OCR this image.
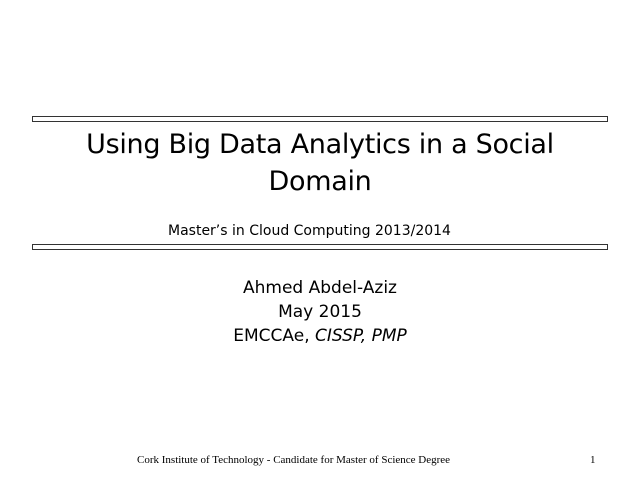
Using Big Data Analytics in a Social
Domain
Master’s in Cloud Computing 2013/2014
Ahmed Abdel-Aziz
May 2015
EMCCAe, CISSP, PMP
Cork Institute of Technology - Candidate for Master of Science Degree	1
